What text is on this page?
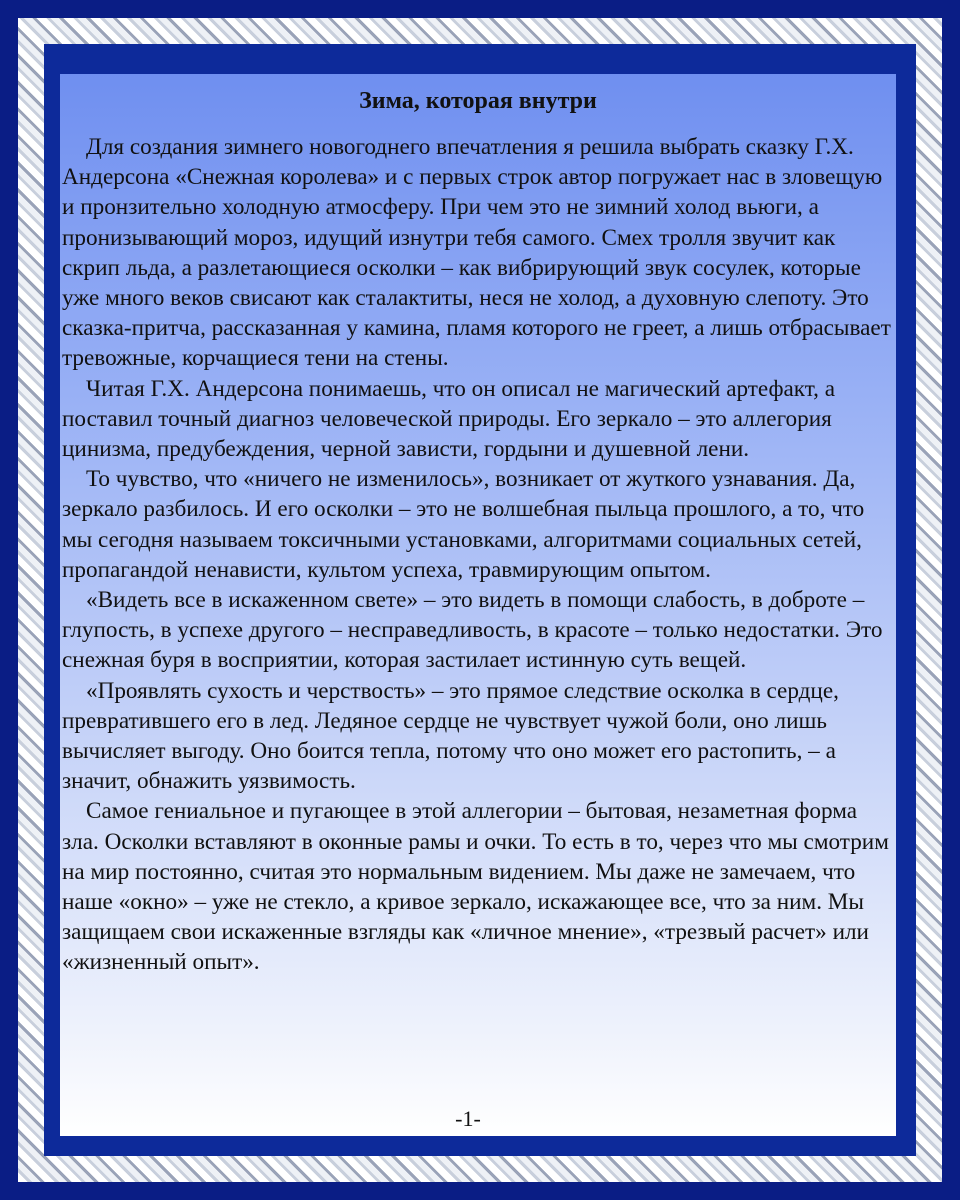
Зима, которая внутри

Для создания зимнего новогоднего впечатления я решила выбрать сказку Г.Х. Андерсона «Снежная королева» и с первых строк автор погружает нас в зловещую и пронзительно холодную атмосферу. При чем это не зимний холод вьюги, а пронизывающий мороз, идущий изнутри тебя самого. Смех тролля звучит как скрип льда, а разлетающиеся осколки – как вибрирующий звук сосулек, которые уже много веков свисают как сталактиты, неся не холод, а духовную слепоту. Это сказка-притча, рассказанная у камина, пламя которого не греет, а лишь отбрасывает тревожные, корчащиеся тени на стены.

Читая Г.Х. Андерсона понимаешь, что он описал не магический артефакт, а поставил точный диагноз человеческой природы. Его зеркало – это аллегория цинизма, предубеждения, черной зависти, гордыни и душевной лени.

То чувство, что «ничего не изменилось», возникает от жуткого узнавания. Да, зеркало разбилось. И его осколки – это не волшебная пыльца прошлого, а то, что мы сегодня называем токсичными установками, алгоритмами социальных сетей, пропагандой ненависти, культом успеха, травмирующим опытом.

«Видеть все в искаженном свете» – это видеть в помощи слабость, в доброте – глупость, в успехе другого – несправедливость, в красоте – только недостатки. Это снежная буря в восприятии, которая застилает истинную суть вещей.

«Проявлять сухость и черствость» – это прямое следствие осколка в сердце, превратившего его в лед. Ледяное сердце не чувствует чужой боли, оно лишь вычисляет выгоду. Оно боится тепла, потому что оно может его растопить, – а значит, обнажить уязвимость.

Самое гениальное и пугающее в этой аллегории – бытовая, незаметная форма зла. Осколки вставляют в оконные рамы и очки. То есть в то, через что мы смотрим на мир постоянно, считая это нормальным видением. Мы даже не замечаем, что наше «окно» – уже не стекло, а кривое зеркало, искажающее все, что за ним. Мы защищаем свои искаженные взгляды как «личное мнение», «трезвый расчет» или «жизненный опыт».

-1-
